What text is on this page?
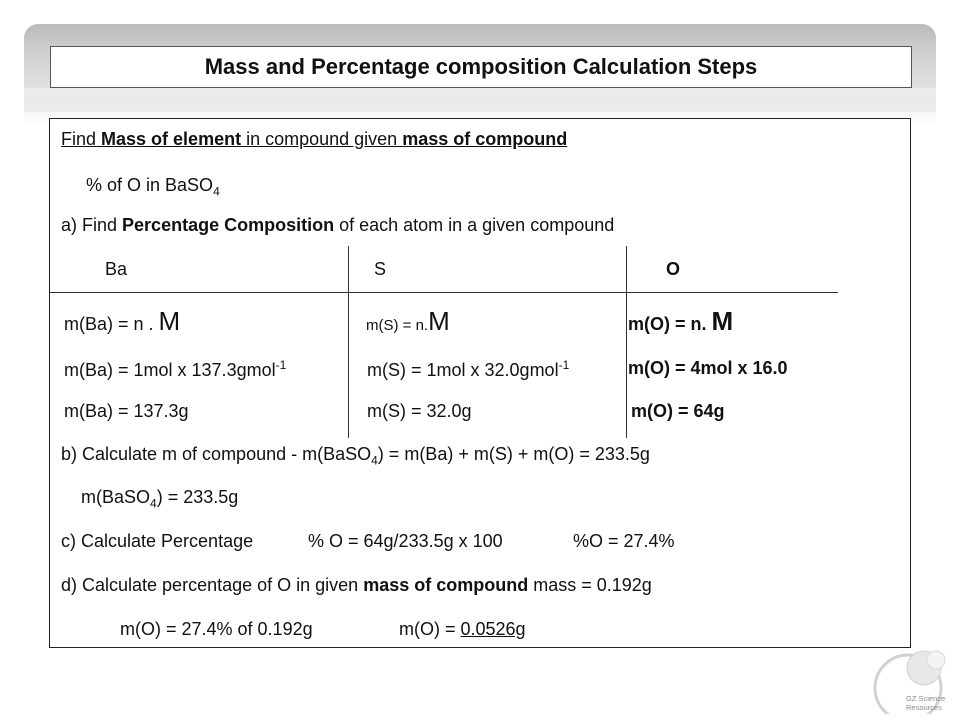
Mass and Percentage composition Calculation Steps
Find Mass of element in compound given mass of compound
% of O in BaSO$_4$
a) Find Percentage Composition of each atom in a given compound
Ba	S	O
m(Ba) = n . M	m(S) = n.M	m(O) = n. M
m(Ba) = 1mol x 137.3gmol$^{-1}$	m(S) = 1mol x 32.0gmol$^{-1}$	m(O) = 4mol x 16.0
m(Ba) = 137.3g	m(S) = 32.0g	m(O) = 64g
b) Calculate m of compound - m(BaSO$_4$) = m(Ba) + m(S) + m(O) = 233.5g
m(BaSO$_4$) = 233.5g
c) Calculate Percentage	% O = 64g/233.5g x 100	%O = 27.4%
d) Calculate percentage of O in given mass of compound mass = 0.192g
m(O) = 27.4% of 0.192g	m(O) = 0.0526g
GZ Science
Resources
